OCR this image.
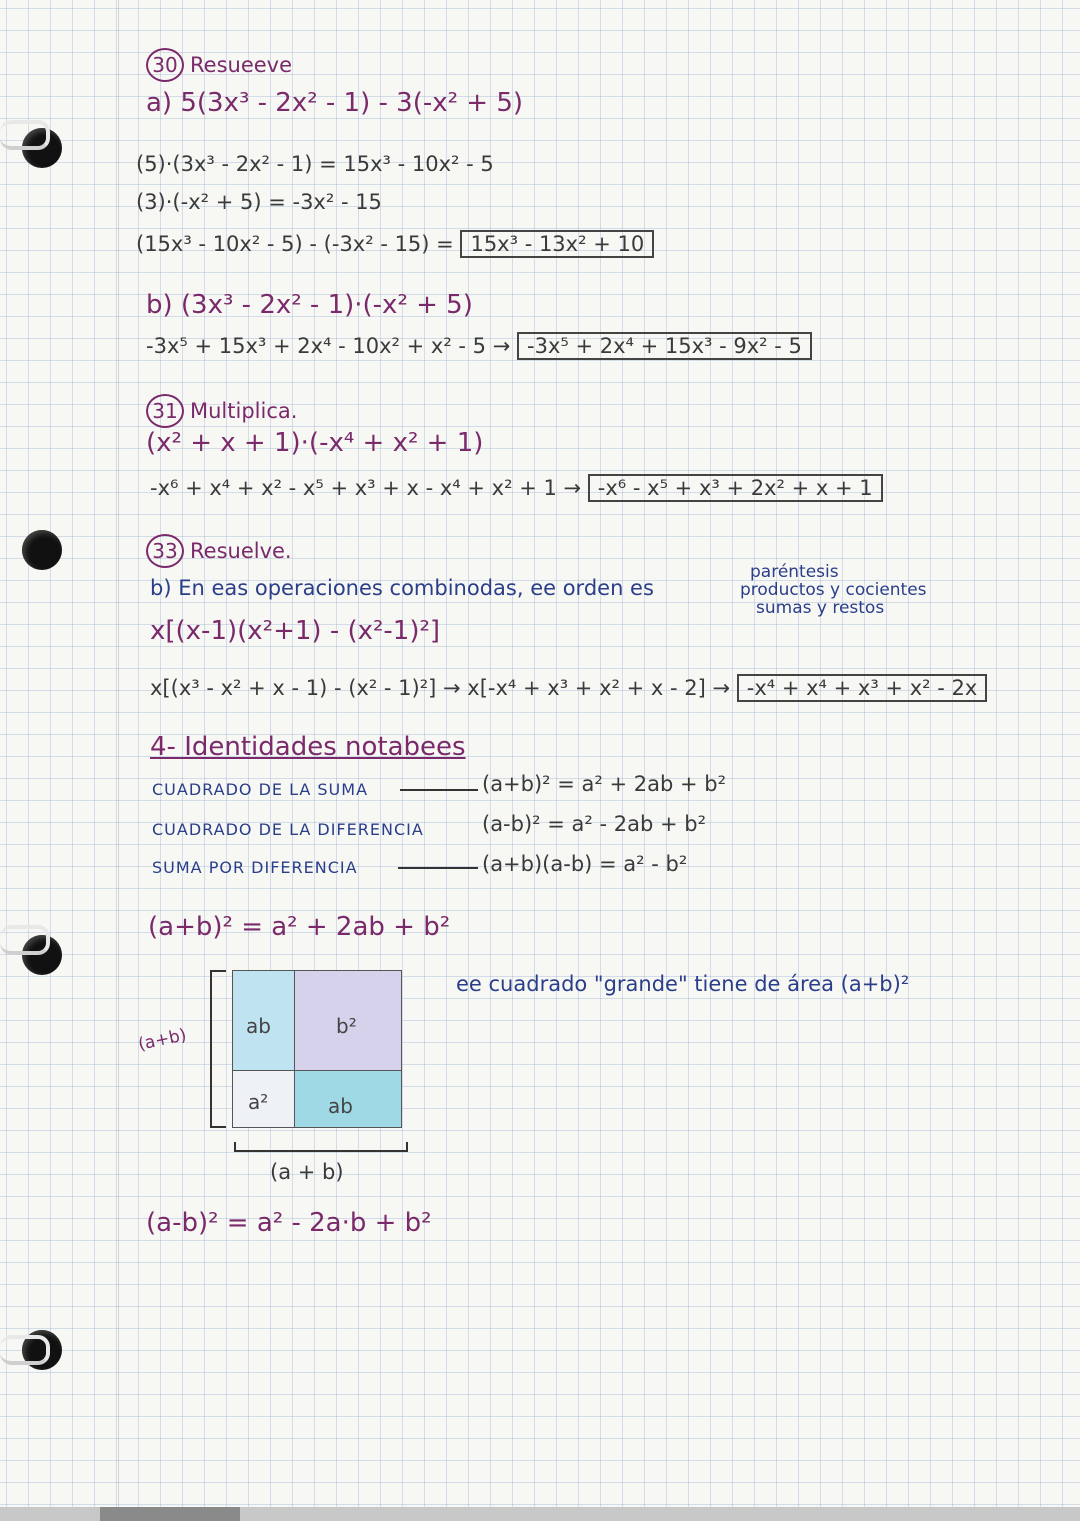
30 Resueeve
a) 5(3x³ - 2x² - 1) - 3(-x² + 5)
(5)·(3x³ - 2x² - 1) = 15x³ - 10x² - 5
(3)·(-x² + 5) = -3x² - 15
(15x³ - 10x² - 5) - (-3x² - 15) = 15x³ - 13x² + 10
b) (3x³ - 2x² - 1)·(-x² + 5)
-3x⁵ + 15x³ + 2x⁴ - 10x² + x² - 5 → -3x⁵ + 2x⁴ + 15x³ - 9x² - 5
31 Multiplica.
(x² + x + 1)·(-x⁴ + x² + 1)
-x⁶ + x⁴ + x² - x⁵ + x³ + x - x⁴ + x² + 1 → -x⁶ - x⁵ + x³ + 2x² + x + 1
33 Resuelve.
b) En eas operaciones combinodas, ee orden es
paréntesis
productos y cocientes
sumas y restos
x[(x-1)(x²+1) - (x²-1)²]
x[(x³ - x² + x - 1) - (x² - 1)²] → x[-x⁴ + x³ + x² + x - 2] → -x⁴ + x⁴ + x³ + x² - 2x
4- Identidades notabees
CUADRADO DE LA SUMA	(a+b)² = a² + 2ab + b²
CUADRADO DE LA DIFERENCIA	(a-b)² = a² - 2ab + b²
SUMA POR DIFERENCIA	(a+b)(a-b) = a² - b²
(a+b)² = a² + 2ab + b²
ee cuadrado "grande" tiene de área (a+b)²
(a+b)	ab	b²
a²	ab
(a + b)
(a-b)² = a² - 2a·b + b²
